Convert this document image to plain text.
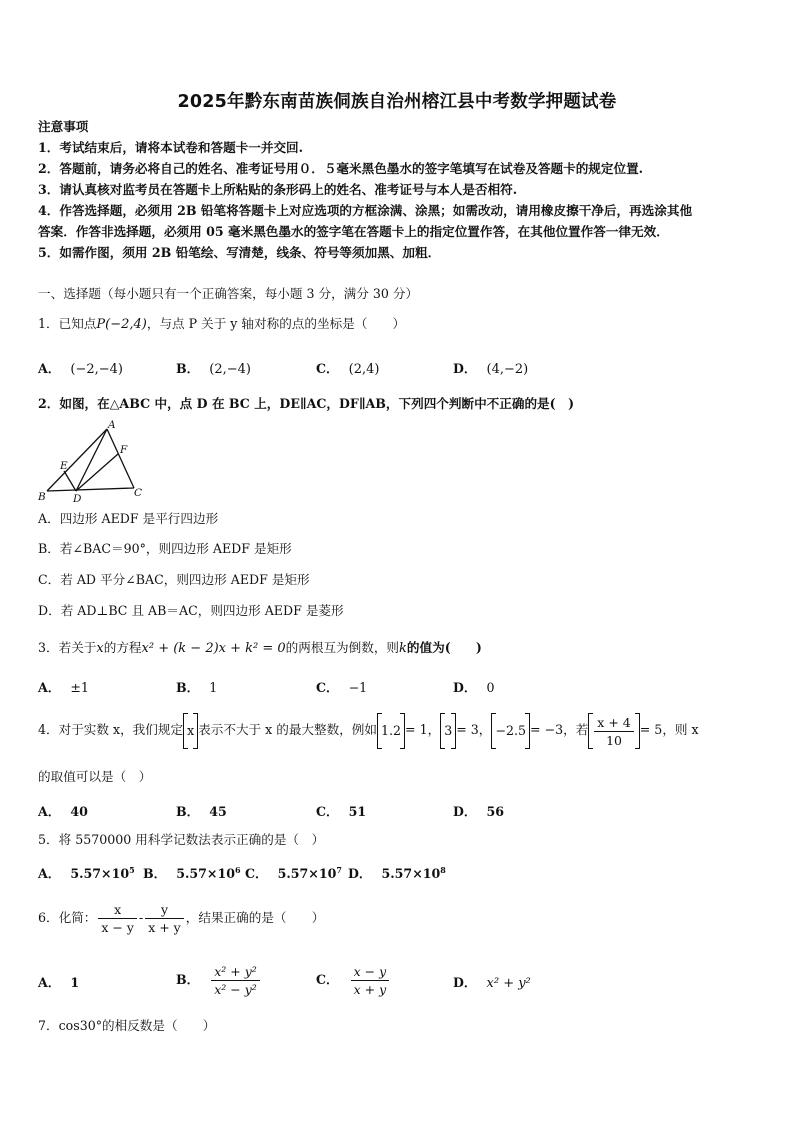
2025年黔东南苗族侗族自治州榕江县中考数学押题试卷
注意事项
1．考试结束后，请将本试卷和答题卡一并交回.
2．答题前，请务必将自己的姓名、准考证号用０．５毫米黑色墨水的签字笔填写在试卷及答题卡的规定位置.
3．请认真核对监考员在答题卡上所粘贴的条形码上的姓名、准考证号与本人是否相符.
4．作答选择题，必须用 2B 铅笔将答题卡上对应选项的方框涂满、涂黑；如需改动，请用橡皮擦干净后，再选涂其他
答案．作答非选择题，必须用 05 毫米黑色墨水的签字笔在答题卡上的指定位置作答，在其他位置作答一律无效．
5．如需作图，须用 2B 铅笔绘、写清楚，线条、符号等须加黑、加粗．
一、选择题（每小题只有一个正确答案，每小题 3 分，满分 30 分）
1．已知点P(−2,4)，与点 P 关于 y 轴对称的点的坐标是（　　）
A． (−2,−4)	B． (2,−4)	C． (2,4)	D． (4,−2)
2．如图，在△ABC 中，点 D 在 BC 上，DE∥AC，DF∥AB，下列四个判断中不正确的是(　)
A
B	C
D
E
F
A．四边形 AEDF 是平行四边形
B．若∠BAC＝90°，则四边形 AEDF 是矩形
C．若 AD 平分∠BAC，则四边形 AEDF 是矩形
D．若 AD⊥BC 且 AB＝AC，则四边形 AEDF 是菱形
3．若关于x的方程x² + (k − 2)x + k² = 0的两根互为倒数，则k的值为(　　)
A． ±1	B． 1	C． −1	D． 0
4．对于实数 x，我们规定 x 表示不大于 x 的最大整数，例如 1.2 = 1， 3 = 3， −2.5 = −3，若 $\frac{x + 4}{10} = 5$，则 x
的取值可以是（　）
A． 40	B． 45	C． 51	D． 56
5．将 5570000 用科学记数法表示正确的是（　）
A． $5.57\times 10^5$ B． $5.57\times 10^6$ C． $5.57\times 10^7$ D． $5.57\times 10^8$
6．化简： $\frac{x}{x - y} - \frac{y}{x + y}$ ，结果正确的是（　　）
A． 1	B． $\frac{\text{x² + y²}}{\text{x² − y²}}$	C． $\frac{x - y}{x + y}$	D． x² + y²
7．cos30°的相反数是（　　）
